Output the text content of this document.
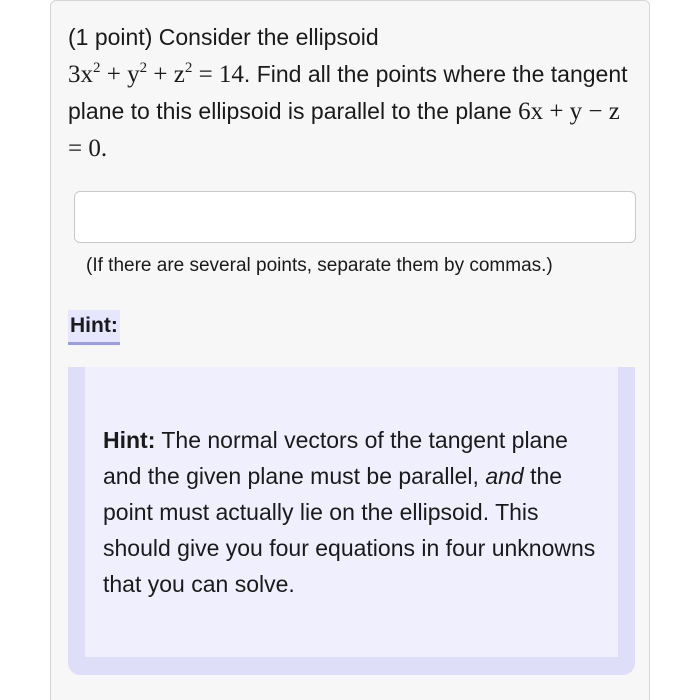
(1 point) Consider the ellipsoid
$3x^2 + y^2 + z^2 = 14$. Find all the points where the tangent plane to this ellipsoid is parallel to the plane 6x + y − z = 0.
(If there are several points, separate them by commas.)
Hint:
Hint: The normal vectors of the tangent plane and the given plane must be parallel, and the point must actually lie on the ellipsoid. This should give you four equations in four unknowns that you can solve.
